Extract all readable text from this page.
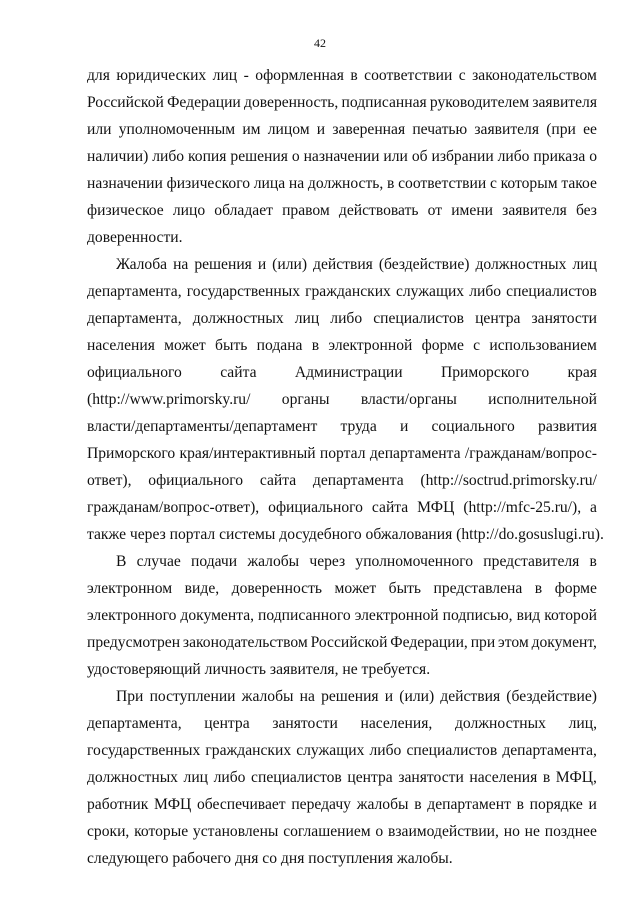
42
для юридических лиц - оформленная в соответствии с законодательством
Российской Федерации доверенность, подписанная руководителем заявителя
или уполномоченным им лицом и заверенная печатью заявителя (при ее
наличии) либо копия решения о назначении или об избрании либо приказа о
назначении физического лица на должность, в соответствии с которым такое
физическое лицо обладает правом действовать от имени заявителя без
доверенности.
Жалоба на решения и (или) действия (бездействие) должностных лиц
департамента, государственных гражданских служащих либо специалистов
департамента, должностных лиц либо специалистов центра занятости
населения может быть подана в электронной форме с использованием
официального сайта Администрации Приморского края
(http://www.primorsky.ru/ органы власти/органы исполнительной
власти/департаменты/департамент труда и социального развития
Приморского края/интерактивный портал департамента /гражданам/вопрос-
ответ), официального сайта департамента (http://soctrud.primorsky.ru/
гражданам/вопрос-ответ), официального сайта МФЦ (http://mfc-25.ru/), а
также через портал системы досудебного обжалования (http://do.gosuslugi.ru).
В случае подачи жалобы через уполномоченного представителя в
электронном виде, доверенность может быть представлена в форме
электронного документа, подписанного электронной подписью, вид которой
предусмотрен законодательством Российской Федерации, при этом документ,
удостоверяющий личность заявителя, не требуется.
При поступлении жалобы на решения и (или) действия (бездействие)
департамента, центра занятости населения, должностных лиц,
государственных гражданских служащих либо специалистов департамента,
должностных лиц либо специалистов центра занятости населения в МФЦ,
работник МФЦ обеспечивает передачу жалобы в департамент в порядке и
сроки, которые установлены соглашением о взаимодействии, но не позднее
следующего рабочего дня со дня поступления жалобы.
